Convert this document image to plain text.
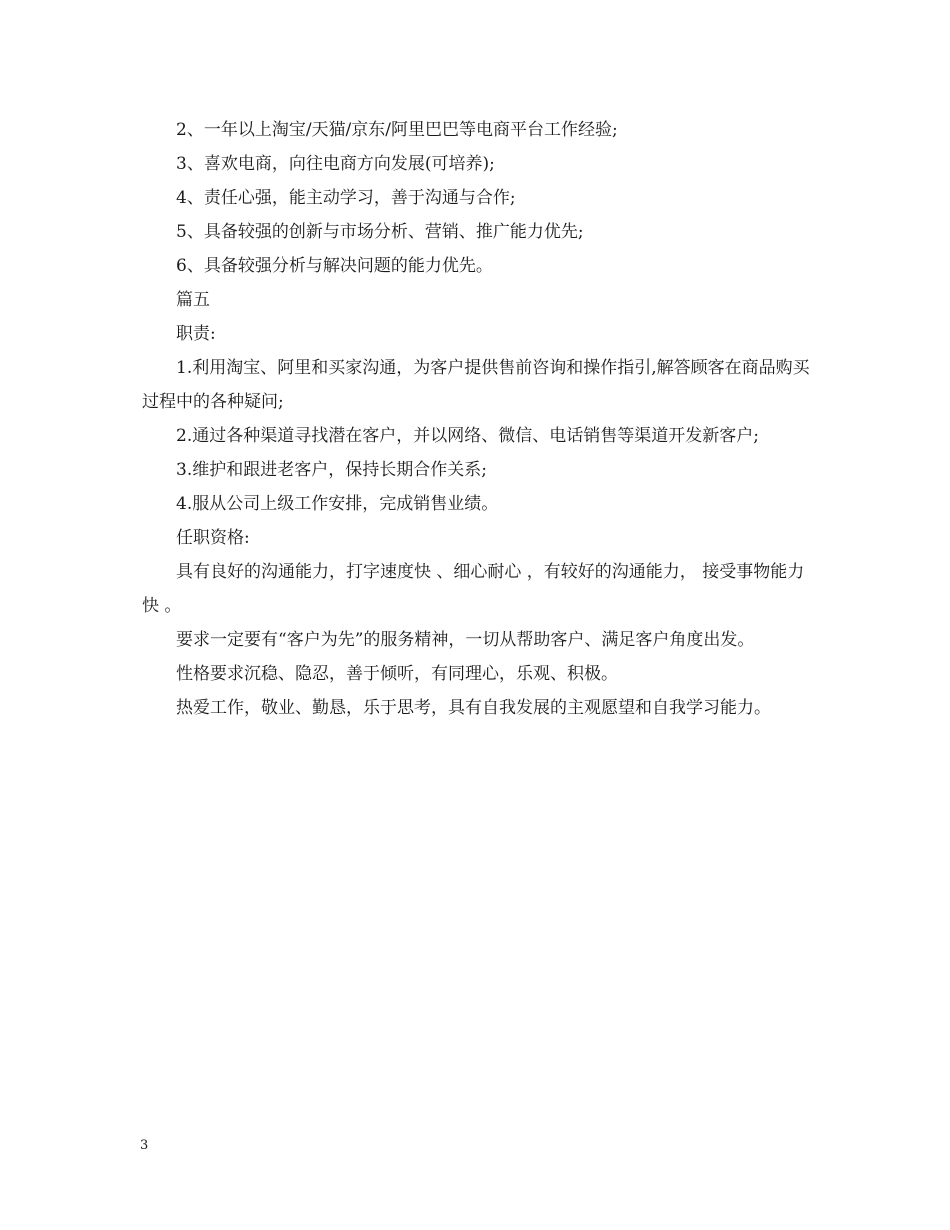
2、一年以上淘宝/天猫/京东/阿里巴巴等电商平台工作经验;

3、喜欢电商，向往电商方向发展(可培养);

4、责任心强，能主动学习，善于沟通与合作;

5、具备较强的创新与市场分析、营销、推广能力优先;

6、具备较强分析与解决问题的能力优先。

篇五

职责:

1.利用淘宝、阿里和买家沟通，为客户提供售前咨询和操作指引,解答顾客在商品购买过程中的各种疑问;

2.通过各种渠道寻找潜在客户，并以网络、微信、电话销售等渠道开发新客户;

3.维护和跟进老客户，保持长期合作关系;

4.服从公司上级工作安排，完成销售业绩。

任职资格:

具有良好的沟通能力，打字速度快 、细心耐心 ，有较好的沟通能力， 接受事物能力快 。

要求一定要有“客户为先”的服务精神，一切从帮助客户、满足客户角度出发。

性格要求沉稳、隐忍，善于倾听，有同理心，乐观、积极。

热爱工作，敬业、勤恳，乐于思考，具有自我发展的主观愿望和自我学习能力。

3
